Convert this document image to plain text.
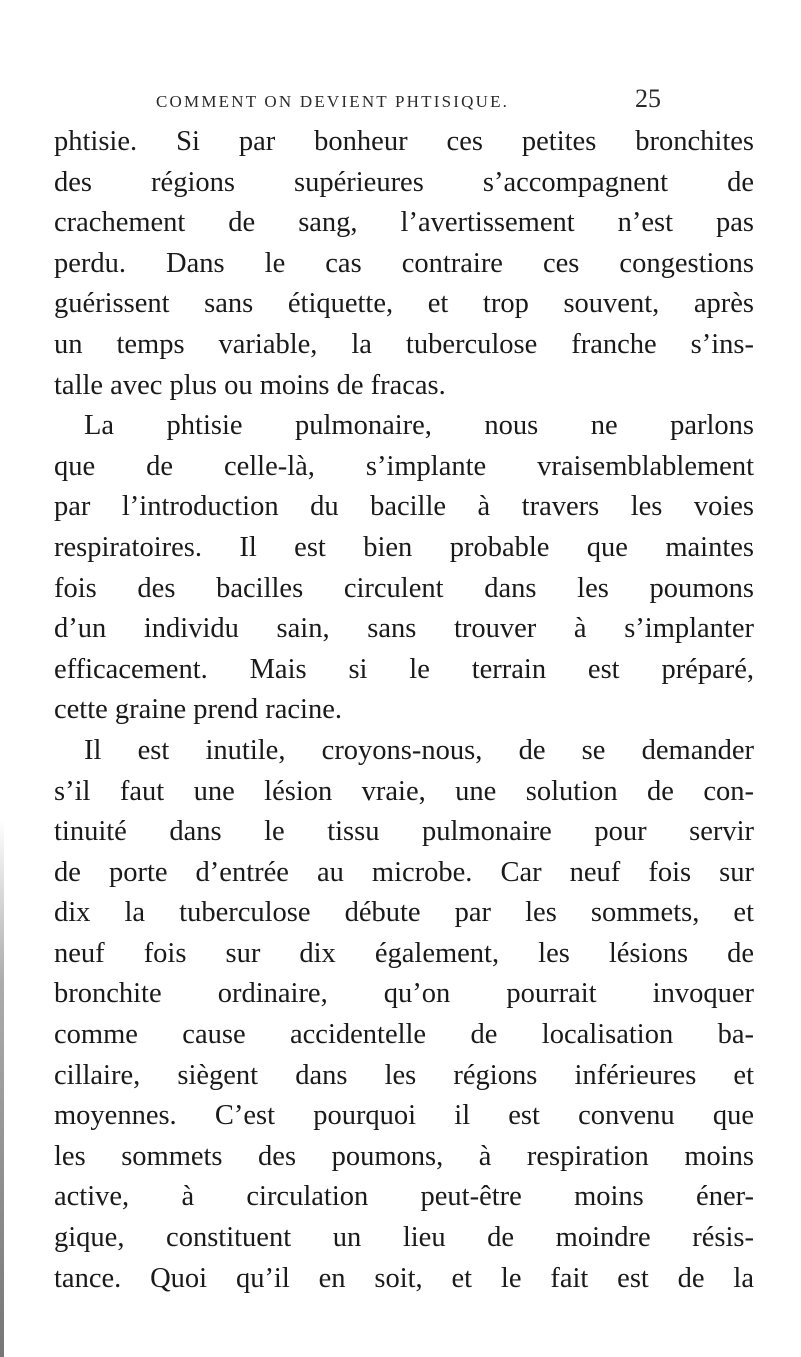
COMMENT ON DEVIENT PHTISIQUE.	25
phtisie. Si par bonheur ces petites bronchites
des régions supérieures s’accompagnent de
crachement de sang, l’avertissement n’est pas
perdu. Dans le cas contraire ces congestions
guérissent sans étiquette, et trop souvent, après
un temps variable, la tuberculose franche s’ins-
talle avec plus ou moins de fracas.
La phtisie pulmonaire, nous ne parlons
que de celle-là, s’implante vraisemblablement
par l’introduction du bacille à travers les voies
respiratoires. Il est bien probable que maintes
fois des bacilles circulent dans les poumons
d’un individu sain, sans trouver à s’implanter
efficacement. Mais si le terrain est préparé,
cette graine prend racine.
Il est inutile, croyons-nous, de se demander
s’il faut une lésion vraie, une solution de con-
tinuité dans le tissu pulmonaire pour servir
de porte d’entrée au microbe. Car neuf fois sur
dix la tuberculose débute par les sommets, et
neuf fois sur dix également, les lésions de
bronchite ordinaire, qu’on pourrait invoquer
comme cause accidentelle de localisation ba-
cillaire, siègent dans les régions inférieures et
moyennes. C’est pourquoi il est convenu que
les sommets des poumons, à respiration moins
active, à circulation peut-être moins éner-
gique, constituent un lieu de moindre résis-
tance. Quoi qu’il en soit, et le fait est de la
